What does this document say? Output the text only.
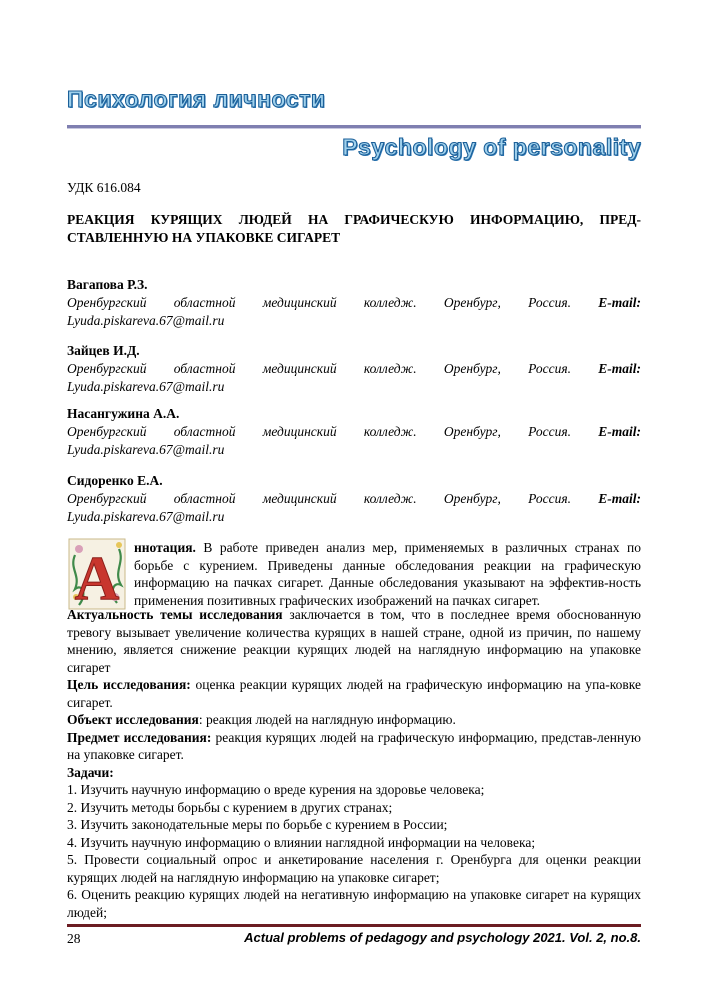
Психология личности
Psychology of personality
УДК 616.084
РЕАКЦИЯ КУРЯЩИХ ЛЮДЕЙ НА ГРАФИЧЕСКУЮ ИНФОРМАЦИЮ, ПРЕД-СТАВЛЕННУЮ НА УПАКОВКЕ СИГАРЕТ
Вагапова Р.З.
Оренбургский областной медицинский колледж. Оренбург, Россия. E-mail:
Lyuda.piskareva.67@mail.ru
Зайцев И.Д.
Оренбургский областной медицинский колледж. Оренбург, Россия. E-mail:
Lyuda.piskareva.67@mail.ru
Насангужина А.А.
Оренбургский областной медицинский колледж. Оренбург, Россия. E-mail:
Lyuda.piskareva.67@mail.ru
Сидоренко Е.А.
Оренбургский областной медицинский колледж. Оренбург, Россия. E-mail:
Lyuda.piskareva.67@mail.ru
А ннотация. В работе приведен анализ мер, применяемых в различных странах по борьбе с курением. Приведены данные обследования реакции на графическую информацию на пачках сигарет. Данные обследования указывают на эффектив-ность применения позитивных графических изображений на пачках сигарет.

Актуальность темы исследования заключается в том, что в последнее время обоснованную тревогу вызывает увеличение количества курящих в нашей стране, одной из причин, по нашему мнению, является снижение реакции курящих людей на наглядную информацию на упаковке сигарет

Цель исследования: оценка реакции курящих людей на графическую информацию на упа-ковке сигарет.

Объект исследования: реакция людей на наглядную информацию.

Предмет исследования: реакция курящих людей на графическую информацию, представ-ленную на упаковке сигарет.

Задачи:

1. Изучить научную информацию о вреде курения на здоровье человека;

2. Изучить методы борьбы с курением в других странах;

3. Изучить законодательные меры по борьбе с курением в России;

4. Изучить научную информацию о влиянии наглядной информации на человека;

5. Провести социальный опрос и анкетирование населения г. Оренбурга для оценки реакции курящих людей на наглядную информацию на упаковке сигарет;

6. Оценить реакцию курящих людей на негативную информацию на упаковке сигарет на курящих людей;

28	Actual problems of pedagogy and psychology 2021. Vol. 2, no.8.
